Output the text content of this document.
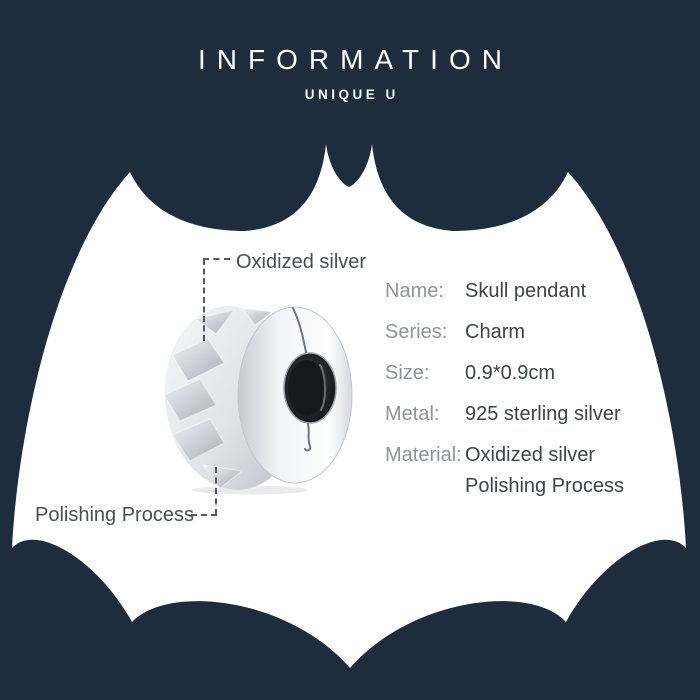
INFORMATION
UNIQUE U
Oxidized silver
Polishing Process
Name:	Skull pendant
Series: Charm
Size:	0.9*0.9cm
Metal:	925 sterling silver
Material: Oxidized silver
Polishing Process
